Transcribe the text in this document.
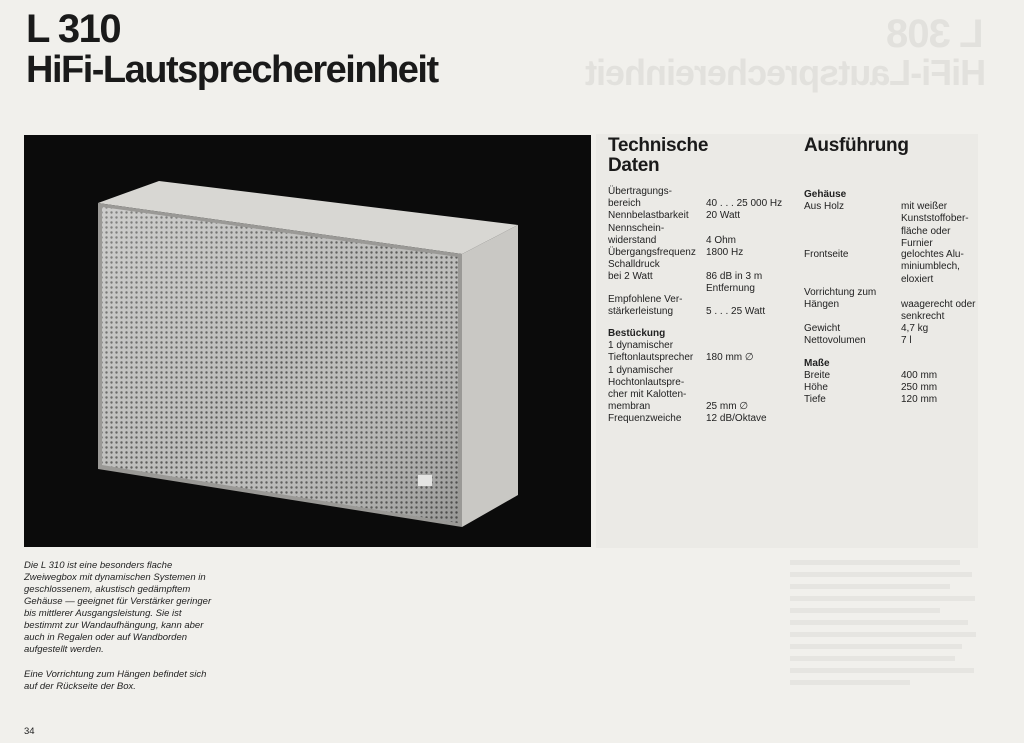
L 308
HiFi-Lautsprechereinheit
L 310
HiFi-Lautsprechereinheit
Technische Daten
Ausführung
Übertragungs-
bereich	40 . . . 25 000 Hz
Nennbelastbarkeit	20 Watt
Nennschein-
widerstand	4 Ohm
Übergangsfrequenz	1800 Hz
Schalldruck
bei 2 Watt	86 dB in 3 m
Entfernung
Empfohlene Ver-
stärkerleistung	5 . . . 25 Watt
Bestückung
1 dynamischer
Tieftonlautsprecher	180 mm ∅
1 dynamischer
Hochtonlautspre-
cher mit Kalotten-
membran	25 mm ∅
Frequenzweiche	12 dB/Oktave
Gehäuse
Aus Holz	mit weißer
Kunststoffober-
fläche oder
Furnier
Frontseite	gelochtes Alu-
miniumblech,
eloxiert
Vorrichtung zum
Hängen	waagerecht oder
senkrecht
Gewicht	4,7 kg
Nettovolumen	7 l
Maße
Breite	400 mm
Höhe	250 mm
Tiefe	120 mm

Die L 310 ist eine besonders flache Zweiwegbox mit dynamischen Systemen in geschlossenem, akustisch gedämpftem Gehäuse — geeignet für Verstärker geringer bis mittlerer Ausgangsleistung. Sie ist bestimmt zur Wandaufhängung, kann aber auch in Regalen oder auf Wandborden aufgestellt werden.

Eine Vorrichtung zum Hängen befindet sich auf der Rückseite der Box.

34
